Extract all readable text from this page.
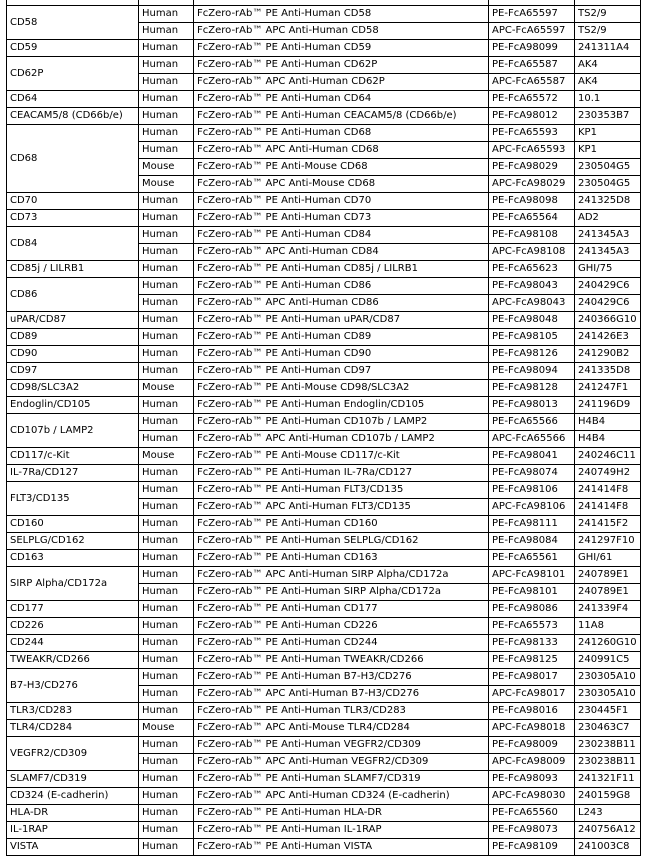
CD58	Human	FcZero-rAb™ PE Anti-Human CD58	PE-FcA65597	TS2/9
	Human	FcZero-rAb™ APC Anti-Human CD58	APC-FcA65597	TS2/9
CD59	Human	FcZero-rAb™ PE Anti-Human CD59	PE-FcA98099	241311A4
CD62P	Human	FcZero-rAb™ PE Anti-Human CD62P	PE-FcA65587	AK4
	Human	FcZero-rAb™ APC Anti-Human CD62P	APC-FcA65587	AK4
CD64	Human	FcZero-rAb™ PE Anti-Human CD64	PE-FcA65572	10.1
CEACAM5/8 (CD66b/e)	Human	FcZero-rAb™ PE Anti-Human CEACAM5/8 (CD66b/e)	PE-FcA98012	230353B7
CD68	Human	FcZero-rAb™ PE Anti-Human CD68	PE-FcA65593	KP1
	Human	FcZero-rAb™ APC Anti-Human CD68	APC-FcA65593	KP1
	Mouse	FcZero-rAb™ PE Anti-Mouse CD68	PE-FcA98029	230504G5
	Mouse	FcZero-rAb™ APC Anti-Mouse CD68	APC-FcA98029	230504G5
CD70	Human	FcZero-rAb™ PE Anti-Human CD70	PE-FcA98098	241325D8
CD73	Human	FcZero-rAb™ PE Anti-Human CD73	PE-FcA65564	AD2
CD84	Human	FcZero-rAb™ PE Anti-Human CD84	PE-FcA98108	241345A3
	Human	FcZero-rAb™ APC Anti-Human CD84	APC-FcA98108	241345A3
CD85j / LILRB1	Human	FcZero-rAb™ PE Anti-Human CD85j / LILRB1	PE-FcA65623	GHI/75
CD86	Human	FcZero-rAb™ PE Anti-Human CD86	PE-FcA98043	240429C6
	Human	FcZero-rAb™ APC Anti-Human CD86	APC-FcA98043	240429C6
uPAR/CD87	Human	FcZero-rAb™ PE Anti-Human uPAR/CD87	PE-FcA98048	240366G10
CD89	Human	FcZero-rAb™ PE Anti-Human CD89	PE-FcA98105	241426E3
CD90	Human	FcZero-rAb™ PE Anti-Human CD90	PE-FcA98126	241290B2
CD97	Human	FcZero-rAb™ PE Anti-Human CD97	PE-FcA98094	241335D8
CD98/SLC3A2	Mouse	FcZero-rAb™ PE Anti-Mouse CD98/SLC3A2	PE-FcA98128	241247F1
Endoglin/CD105	Human	FcZero-rAb™ PE Anti-Human Endoglin/CD105	PE-FcA98013	241196D9
CD107b / LAMP2	Human	FcZero-rAb™ PE Anti-Human CD107b / LAMP2	PE-FcA65566	H4B4
	Human	FcZero-rAb™ APC Anti-Human CD107b / LAMP2	APC-FcA65566	H4B4
CD117/c-Kit	Mouse	FcZero-rAb™ PE Anti-Mouse CD117/c-Kit	PE-FcA98041	240246C11
IL-7Ra/CD127	Human	FcZero-rAb™ PE Anti-Human IL-7Ra/CD127	PE-FcA98074	240749H2
FLT3/CD135	Human	FcZero-rAb™ PE Anti-Human FLT3/CD135	PE-FcA98106	241414F8
	Human	FcZero-rAb™ APC Anti-Human FLT3/CD135	APC-FcA98106	241414F8
CD160	Human	FcZero-rAb™ PE Anti-Human CD160	PE-FcA98111	241415F2
SELPLG/CD162	Human	FcZero-rAb™ PE Anti-Human SELPLG/CD162	PE-FcA98084	241297F10
CD163	Human	FcZero-rAb™ PE Anti-Human CD163	PE-FcA65561	GHI/61
SIRP Alpha/CD172a	Human	FcZero-rAb™ APC Anti-Human SIRP Alpha/CD172a	APC-FcA98101	240789E1
	Human	FcZero-rAb™ PE Anti-Human SIRP Alpha/CD172a	PE-FcA98101	240789E1
CD177	Human	FcZero-rAb™ PE Anti-Human CD177	PE-FcA98086	241339F4
CD226	Human	FcZero-rAb™ PE Anti-Human CD226	PE-FcA65573	11A8
CD244	Human	FcZero-rAb™ PE Anti-Human CD244	PE-FcA98133	241260G10
TWEAKR/CD266	Human	FcZero-rAb™ PE Anti-Human TWEAKR/CD266	PE-FcA98125	240991C5
B7-H3/CD276	Human	FcZero-rAb™ PE Anti-Human B7-H3/CD276	PE-FcA98017	230305A10
	Human	FcZero-rAb™ APC Anti-Human B7-H3/CD276	APC-FcA98017	230305A10
TLR3/CD283	Human	FcZero-rAb™ PE Anti-Human TLR3/CD283	PE-FcA98016	230445F1
TLR4/CD284	Mouse	FcZero-rAb™ APC Anti-Mouse TLR4/CD284	APC-FcA98018	230463C7
VEGFR2/CD309	Human	FcZero-rAb™ PE Anti-Human VEGFR2/CD309	PE-FcA98009	230238B11
	Human	FcZero-rAb™ APC Anti-Human VEGFR2/CD309	APC-FcA98009	230238B11
SLAMF7/CD319	Human	FcZero-rAb™ PE Anti-Human SLAMF7/CD319	PE-FcA98093	241321F11
CD324 (E-cadherin)	Human	FcZero-rAb™ APC Anti-Human CD324 (E-cadherin)	APC-FcA98030	240159G8
HLA-DR	Human	FcZero-rAb™ PE Anti-Human HLA-DR	PE-FcA65560	L243
IL-1RAP	Human	FcZero-rAb™ PE Anti-Human IL-1RAP	PE-FcA98073	240756A12
VISTA	Human	FcZero-rAb™ PE Anti-Human VISTA	PE-FcA98109	241003C8
